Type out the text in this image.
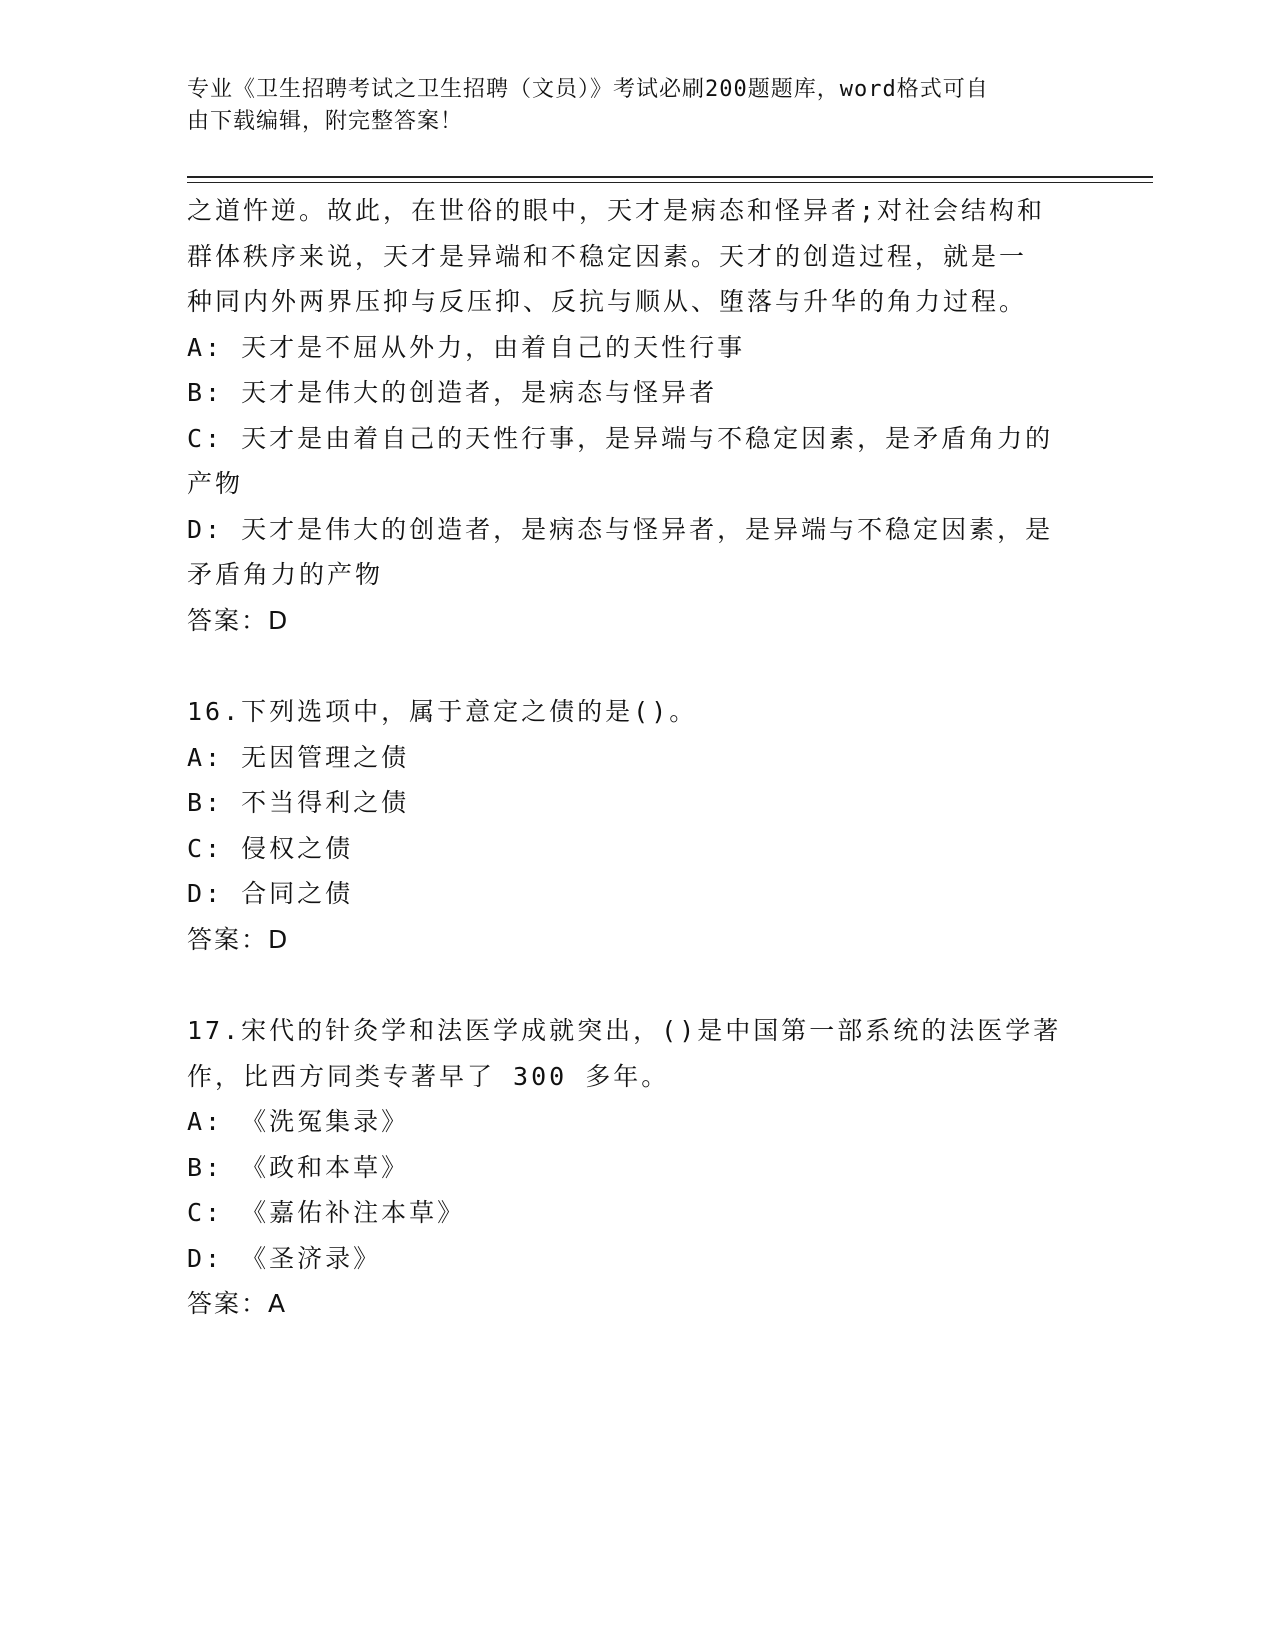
专业《卫生招聘考试之卫生招聘（文员）》考试必刷200题题库，word格式可自
由下载编辑，附完整答案！
之道忤逆。故此，在世俗的眼中，天才是病态和怪异者;对社会结构和
群体秩序来说，天才是异端和不稳定因素。天才的创造过程，就是一
种同内外两界压抑与反压抑、反抗与顺从、堕落与升华的角力过程。
A: 天才是不屈从外力，由着自己的天性行事
B: 天才是伟大的创造者，是病态与怪异者
C: 天才是由着自己的天性行事，是异端与不稳定因素，是矛盾角力的
产物
D: 天才是伟大的创造者，是病态与怪异者，是异端与不稳定因素，是
矛盾角力的产物
答案：D
16.下列选项中，属于意定之债的是()。
A: 无因管理之债
B: 不当得利之债
C: 侵权之债
D: 合同之债
答案：D
17.宋代的针灸学和法医学成就突出，()是中国第一部系统的法医学著
作，比西方同类专著早了 300 多年。
A: 《洗冤集录》
B: 《政和本草》
C: 《嘉佑补注本草》
D: 《圣济录》
答案：A
